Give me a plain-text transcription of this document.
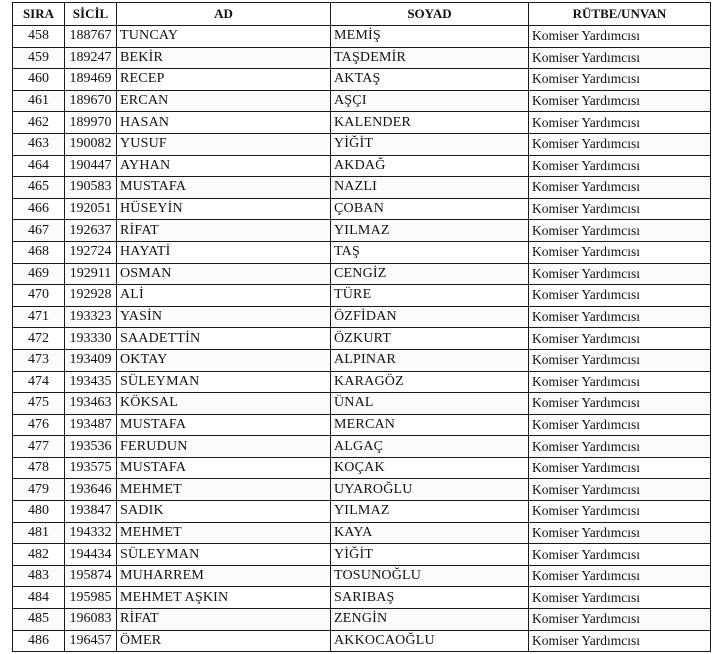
SIRA	SİCİL	AD	SOYAD	RÜTBE/UNVAN
458	188767	TUNCAY	MEMİŞ	Komiser Yardımcısı
459	189247	BEKİR	TAŞDEMİR	Komiser Yardımcısı
460	189469	RECEP	AKTAŞ	Komiser Yardımcısı
461	189670	ERCAN	AŞÇI	Komiser Yardımcısı
462	189970	HASAN	KALENDER	Komiser Yardımcısı
463	190082	YUSUF	YİĞİT	Komiser Yardımcısı
464	190447	AYHAN	AKDAĞ	Komiser Yardımcısı
465	190583	MUSTAFA	NAZLI	Komiser Yardımcısı
466	192051	HÜSEYİN	ÇOBAN	Komiser Yardımcısı
467	192637	RİFAT	YILMAZ	Komiser Yardımcısı
468	192724	HAYATİ	TAŞ	Komiser Yardımcısı
469	192911	OSMAN	CENGİZ	Komiser Yardımcısı
470	192928	ALİ	TÜRE	Komiser Yardımcısı
471	193323	YASİN	ÖZFİDAN	Komiser Yardımcısı
472	193330	SAADETTİN	ÖZKURT	Komiser Yardımcısı
473	193409	OKTAY	ALPINAR	Komiser Yardımcısı
474	193435	SÜLEYMAN	KARAGÖZ	Komiser Yardımcısı
475	193463	KÖKSAL	ÜNAL	Komiser Yardımcısı
476	193487	MUSTAFA	MERCAN	Komiser Yardımcısı
477	193536	FERUDUN	ALGAÇ	Komiser Yardımcısı
478	193575	MUSTAFA	KOÇAK	Komiser Yardımcısı
479	193646	MEHMET	UYAROĞLU	Komiser Yardımcısı
480	193847	SADIK	YILMAZ	Komiser Yardımcısı
481	194332	MEHMET	KAYA	Komiser Yardımcısı
482	194434	SÜLEYMAN	YİĞİT	Komiser Yardımcısı
483	195874	MUHARREM	TOSUNOĞLU	Komiser Yardımcısı
484	195985	MEHMET AŞKIN	SARIBAŞ	Komiser Yardımcısı
485	196083	RİFAT	ZENGİN	Komiser Yardımcısı
486	196457	ÖMER	AKKOCAOĞLU	Komiser Yardımcısı
